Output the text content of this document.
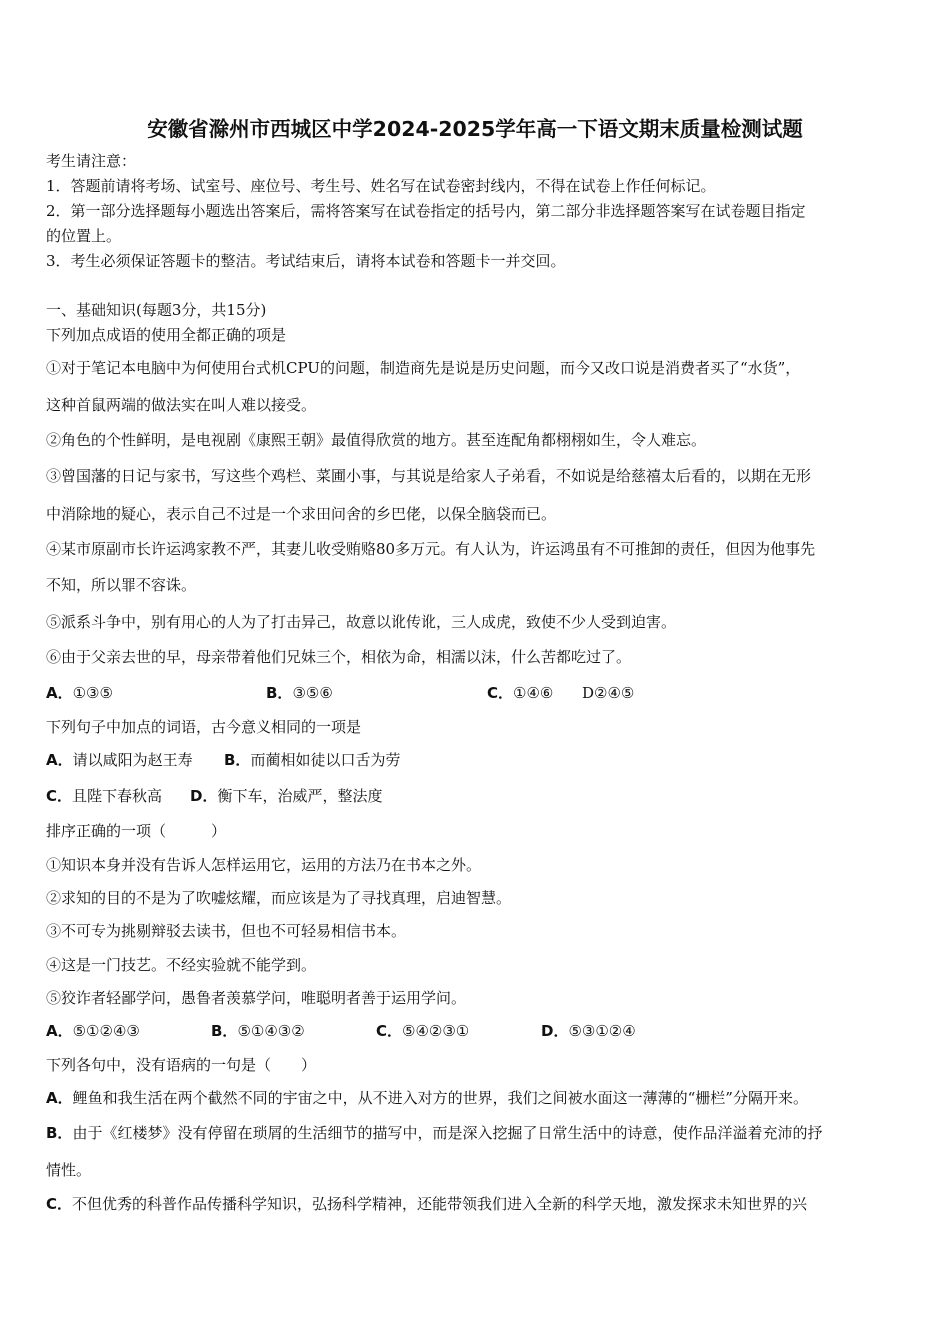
安徽省滁州市西城区中学2024-2025学年高一下语文期末质量检测试题
考生请注意：
1．答题前请将考场、试室号、座位号、考生号、姓名写在试卷密封线内，不得在试卷上作任何标记。
2．第一部分选择题每小题选出答案后，需将答案写在试卷指定的括号内，第二部分非选择题答案写在试卷题目指定
的位置上。
3．考生必须保证答题卡的整洁。考试结束后，请将本试卷和答题卡一并交回。
一、基础知识(每题3分，共15分)
下列加点成语的使用全都正确的项是
①对于笔记本电脑中为何使用台式机CPU的问题，制造商先是说是历史问题，而今又改口说是消费者买了“水货”，
这种首鼠两端的做法实在叫人难以接受。
②角色的个性鲜明，是电视剧《康熙王朝》最值得欣赏的地方。甚至连配角都栩栩如生，令人难忘。
③曾国藩的日记与家书，写这些个鸡栏、菜圃小事，与其说是给家人子弟看，不如说是给慈禧太后看的，以期在无形
中消除地的疑心，表示自己不过是一个求田问舍的乡巴佬，以保全脑袋而已。
④某市原副市长许运鸿家教不严，其妻儿收受贿赂80多万元。有人认为，许运鸿虽有不可推卸的责任，但因为他事先
不知，所以罪不容诛。
⑤派系斗争中，别有用心的人为了打击异己，故意以讹传讹，三人成虎，致使不少人受到迫害。
⑥由于父亲去世的早，母亲带着他们兄妹三个，相依为命，相濡以沫，什么苦都吃过了。
A．①③⑤	B．③⑤⑥	C．①④⑥ D②④⑤
下列句子中加点的词语，古今意义相同的一项是
A．请以咸阳为赵王寿 B．而蔺相如徒以口舌为劳
C．且陛下春秋高 D．衡下车，治威严，整法度
排序正确的一项（　　　）
①知识本身并没有告诉人怎样运用它，运用的方法乃在书本之外。
②求知的目的不是为了吹嘘炫耀，而应该是为了寻找真理，启迪智慧。
③不可专为挑剔辩驳去读书，但也不可轻易相信书本。
④这是一门技艺。不经实验就不能学到。
⑤狡诈者轻鄙学问，愚鲁者羡慕学问，唯聪明者善于运用学问。
A．⑤①②④③	B．⑤①④③②	C．⑤④②③①	D．⑤③①②④
下列各句中，没有语病的一句是（　　）
A．鲤鱼和我生活在两个截然不同的宇宙之中，从不进入对方的世界，我们之间被水面这一薄薄的“栅栏”分隔开来。
B．由于《红楼梦》没有停留在琐屑的生活细节的描写中，而是深入挖掘了日常生活中的诗意，使作品洋溢着充沛的抒
情性。
C．不但优秀的科普作品传播科学知识，弘扬科学精神，还能带领我们进入全新的科学天地，激发探求未知世界的兴
